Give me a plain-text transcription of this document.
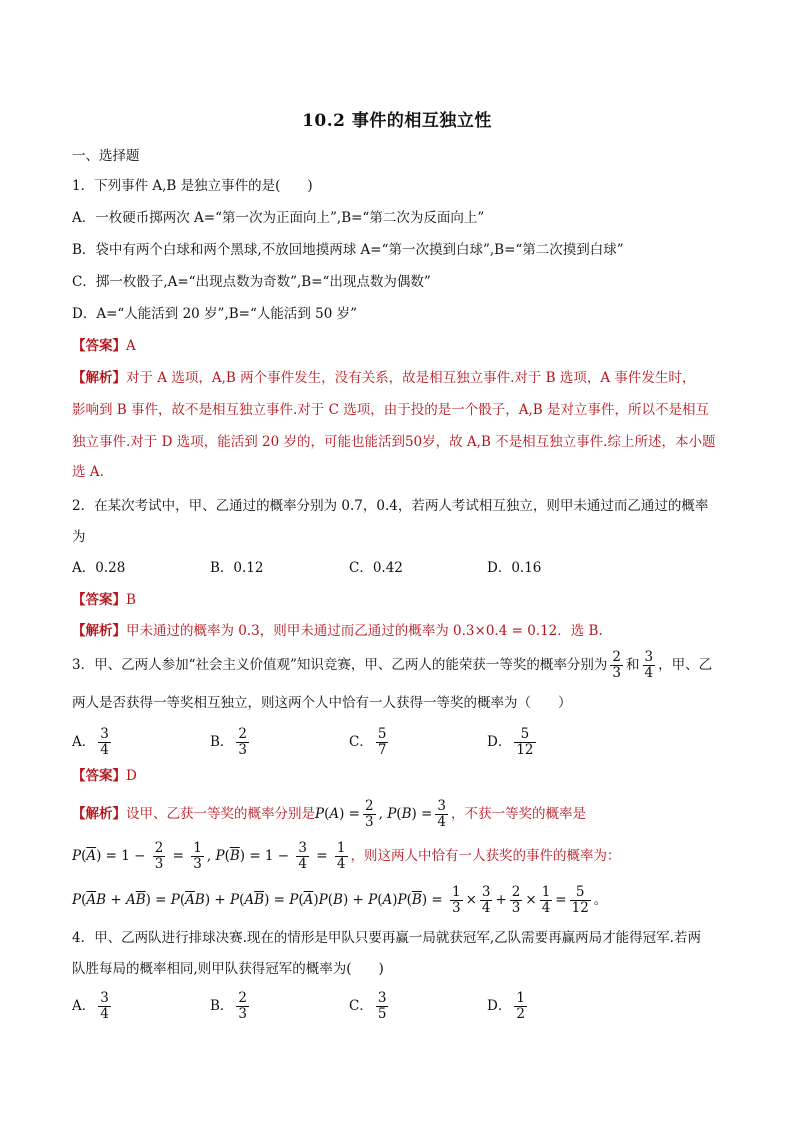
10.2 事件的相互独立性
一、选择题
1．下列事件 A,B 是独立事件的是(　　)
A．一枚硬币掷两次 A=“第一次为正面向上”,B=“第二次为反面向上”
B．袋中有两个白球和两个黑球,不放回地摸两球 A=“第一次摸到白球”,B=“第二次摸到白球”
C．掷一枚骰子,A=“出现点数为奇数”,B=“出现点数为偶数”
D．A=“人能活到 20 岁”,B=“人能活到 50 岁”
【答案】A
【解析】对于 A 选项，A,B 两个事件发生，没有关系，故是相互独立事件.对于 B 选项，A 事件发生时，
影响到 B 事件，故不是相互独立事件.对于 C 选项，由于投的是一个骰子，A,B 是对立事件，所以不是相互
独立事件.对于 D 选项，能活到 20 岁的，可能也能活到50岁，故 A,B 不是相互独立事件.综上所述，本小题
选 A.
2．在某次考试中，甲、乙通过的概率分别为 0.7，0.4，若两人考试相互独立，则甲未通过而乙通过的概率
为
A．0.28	B．0.12	C．0.42	D．0.16
【答案】B
【解析】甲未通过的概率为 0.3，则甲未通过而乙通过的概率为 0.3×0.4 = 0.12．选 B.
3．甲、乙两人参加“社会主义价值观”知识竞赛，甲、乙两人的能荣获一等奖的概率分别为 $\frac{2}{3}$ 和 $\frac{3}{4}$ ，甲、乙
两人是否获得一等奖相互独立，则这两个人中恰有一人获得一等奖的概率为（　　）
A． $\frac{3}{4}$	B． $\frac{2}{3}$	C． $\frac{5}{7}$	D． $\frac{5}{12}$
【答案】D
【解析】设甲、乙获一等奖的概率分别是$P(A) = \frac{2}{3}$ , $P(B) = \frac{3}{4}$ ，不获一等奖的概率是
$P(\overline{A}) = 1 - \frac{2}{3} = \frac{1}{3}$ , $P(\overline{B}) = 1 - \frac{3}{4} = \frac{1}{4}$ ，则这两人中恰有一人获奖的事件的概率为：
$P(\overline{A}B + A\overline{B}) = P(\overline{A}B) + P(A\overline{B}) = P(\overline{A})P(B) + P(A)P(\overline{B}) = \frac{1}{3} \times \frac{3}{4} + \frac{2}{3} \times \frac{1}{4} = \frac{5}{12}$ 。
4．甲、乙两队进行排球决赛.现在的情形是甲队只要再赢一局就获冠军,乙队需要再赢两局才能得冠军.若两
队胜每局的概率相同,则甲队获得冠军的概率为(　　)
A． $\frac{3}{4}$	B． $\frac{2}{3}$	C． $\frac{3}{5}$	D． $\frac{1}{2}$
